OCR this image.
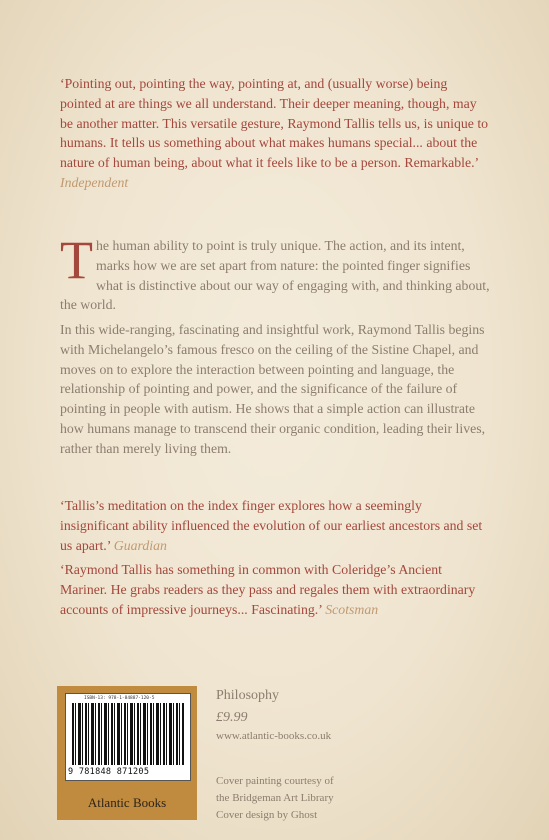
‘Pointing out, pointing the way, pointing at, and (usually worse) being pointed at are things we all understand. Their deeper meaning, though, may be another matter. This versatile gesture, Raymond Tallis tells us, is unique to humans. It tells us something about what makes humans special... about the nature of human being, about what it feels like to be a person. Remarkable.’ Independent

The human ability to point is truly unique. The action, and its intent, marks how we are set apart from nature: the pointed finger signifies what is distinctive about our way of engaging with, and thinking about, the world.

In this wide-ranging, fascinating and insightful work, Raymond Tallis begins with Michelangelo’s famous fresco on the ceiling of the Sistine Chapel, and moves on to explore the interaction between pointing and language, the relationship of pointing and power, and the significance of the failure of pointing in people with autism. He shows that a simple action can illustrate how humans manage to transcend their organic condition, leading their lives, rather than merely living them.

‘Tallis’s meditation on the index finger explores how a seemingly insignificant ability influenced the evolution of our earliest ancestors and set us apart.’ Guardian

‘Raymond Tallis has something in common with Coleridge’s Ancient Mariner. He grabs readers as they pass and regales them with extraordinary accounts of impressive journeys... Fascinating.’ Scotsman

ISBN-13: 978-1-84887-120-5
9 781848 871205
Atlantic Books
Philosophy
£9.99
www.atlantic-books.co.uk
Cover painting courtesy of
the Bridgeman Art Library
Cover design by Ghost
